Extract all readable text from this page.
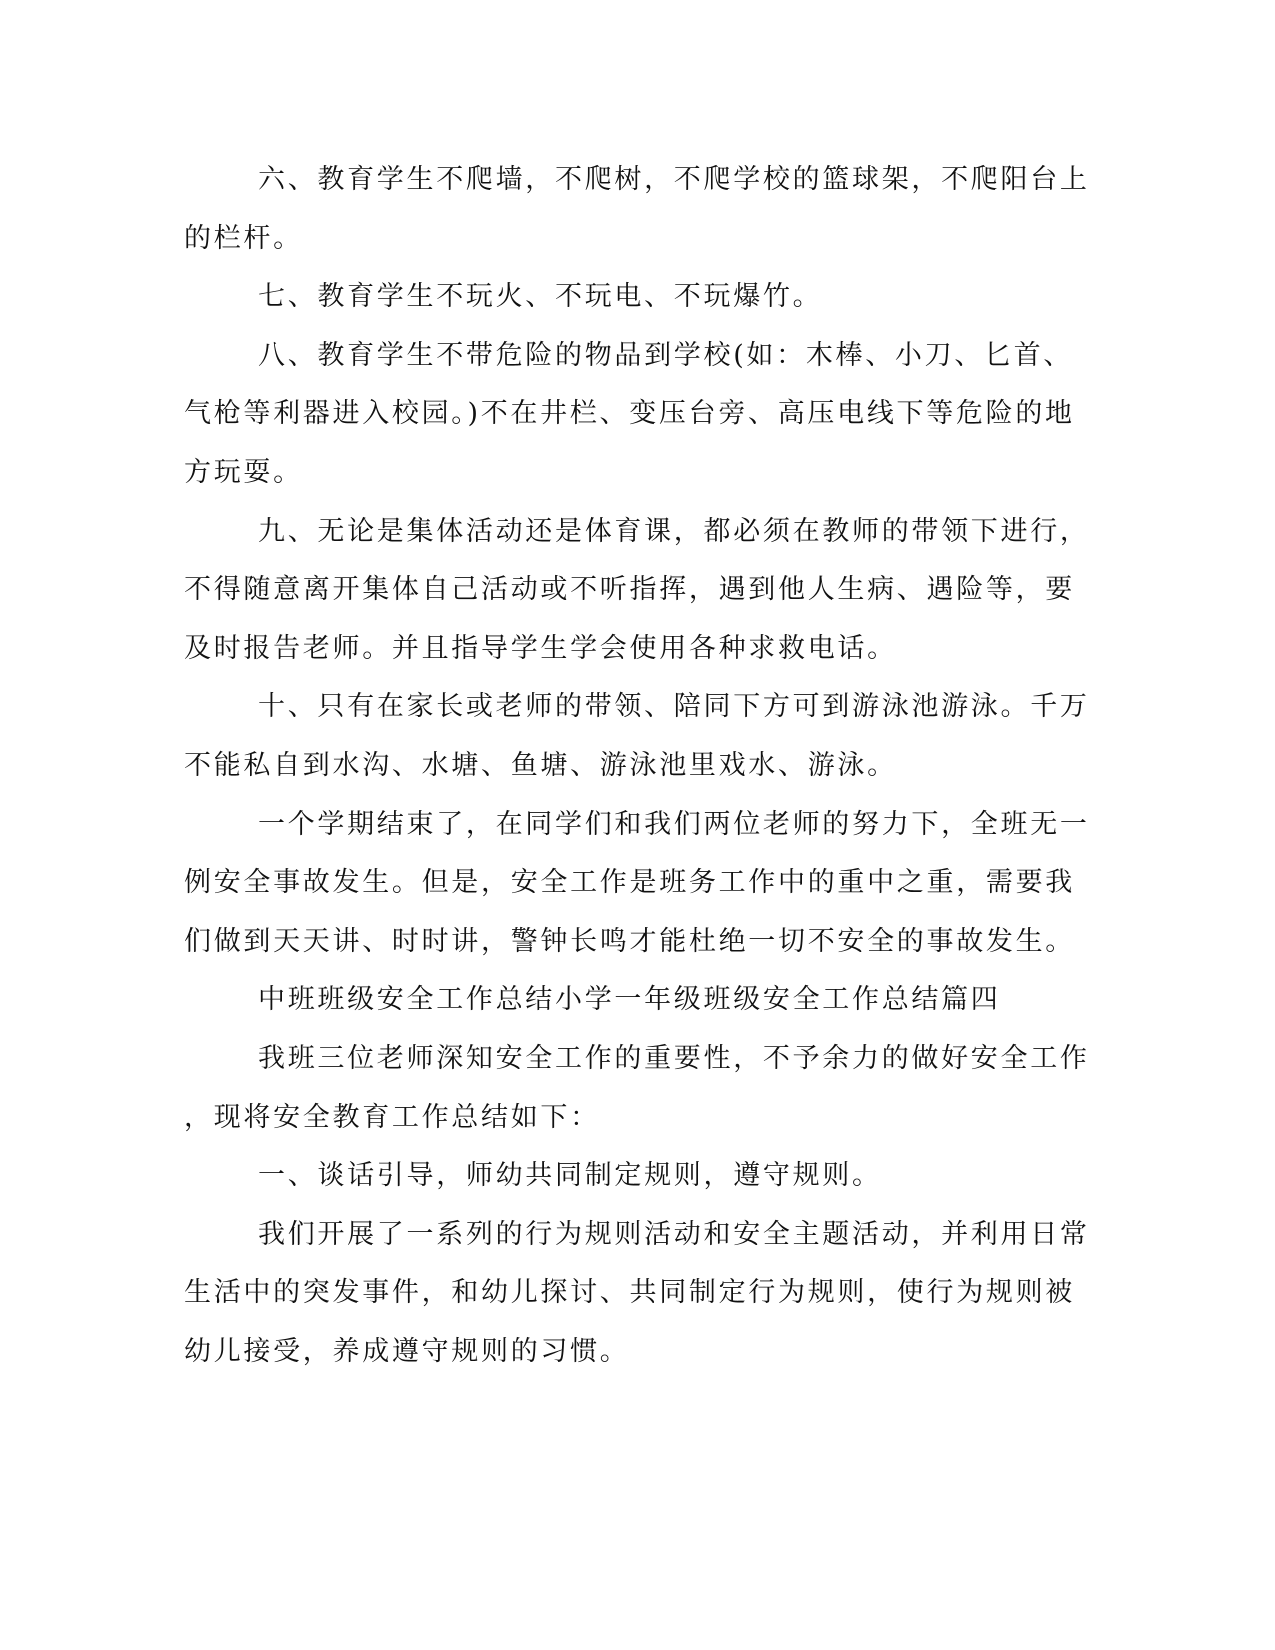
六、教育学生不爬墙，不爬树，不爬学校的篮球架，不爬阳台上
的栏杆。
七、教育学生不玩火、不玩电、不玩爆竹。
八、教育学生不带危险的物品到学校(如：木棒、小刀、匕首、
气枪等利器进入校园。)不在井栏、变压台旁、高压电线下等危险的地
方玩耍。
九、无论是集体活动还是体育课，都必须在教师的带领下进行，
不得随意离开集体自己活动或不听指挥，遇到他人生病、遇险等，要
及时报告老师。并且指导学生学会使用各种求救电话。
十、只有在家长或老师的带领、陪同下方可到游泳池游泳。千万
不能私自到水沟、水塘、鱼塘、游泳池里戏水、游泳。
一个学期结束了，在同学们和我们两位老师的努力下，全班无一
例安全事故发生。但是，安全工作是班务工作中的重中之重，需要我
们做到天天讲、时时讲，警钟长鸣才能杜绝一切不安全的事故发生。
中班班级安全工作总结小学一年级班级安全工作总结篇四
我班三位老师深知安全工作的重要性，不予余力的做好安全工作
，现将安全教育工作总结如下：
一、谈话引导，师幼共同制定规则，遵守规则。
我们开展了一系列的行为规则活动和安全主题活动，并利用日常
生活中的突发事件，和幼儿探讨、共同制定行为规则，使行为规则被
幼儿接受，养成遵守规则的习惯。
